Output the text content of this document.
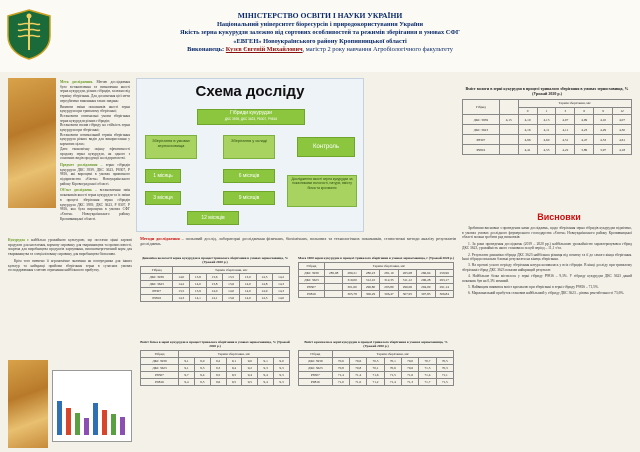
МІНІСТЕРСТВО ОСВІТИ І НАУКИ УКРАЇНИ
Національний університет біоресурсів і природокористування України
Якість зерна кукурудзи залежно від сортових особливостей та режимів зберігання в умовах СФГ
«ЕВГЕН» Новоукраїнського району Кропивницької області
Виконавець: Кузєв Євгеній Михайлович, магістр 2 року навчання Агробіологічного факультету
Мета дослідження. Метою дослідження було встановлення та визначення якості зерна кукурудзи, різних гібридів, залежно від терміну зберігання. Для досягнення цієї мети передбачено виконання таких завдань:
Виявити зміни показників якості зерна кукурудзи при тривалому зберіганні;
Встановити оптимальні умови зберігання зерна кукурудзи різних гібридів;
Встановити вплив гібриду на стійкість зерна кукурудзи при зберіганні;
Встановити оптимальний термін зберігання кукурудзи різних видів для використання у кормових цілях;
Дати економічну оцінку ефективності продажу зерна кукурудзи, як одного з основних видів продукції на підприємстві.
Предмет дослідження – зерно гібридів кукурудзи ДКС 3939, ДКС 3623, Р8307, Р 9816, які вирощені в умовах приватного підприємства «Євген» Новоукраїнського району Кіровоградської області.
Об'єкт досліджень – встановлення змін показників якості зерна кукурудзи та їх зміни в процесі зберігання зерна гібридів кукурудзи ДКС 3939, ДКС 3623, Р 8307, Р 9816, яка була вирощена в умовах СФГ «Євген» Новоукраїнського району Кропивницької області.
Кукурудза є найбільш урожайною культурою, що постачає цінні харчові продукти для населення, кормову сировину для тваринництва та промисловості, зокрема для виробництва продуктів харчування, високоенергетичний корм для тваринництва та спеціалізовану сировину для виробництва біопалива.
Крім того вивчено її агрономічне значення як попередника для інших культур та найкращі прийоми зберігання зерна в сучасних умовах господарювання з метою отримання найбільшого прибутку.
Схема досліду
Гібриди кукурудзи
ДКС 3939, ДКС 3623, Р8307, Р9816
Зберігання в умовах зерносховища
Зберігання у складі
Контроль
1 місяць
3 місяця
6 місяців
9 місяців
12 місяців
Дослідження якості зерна кукурудзи за показниками вологості, натури, вмісту білка та крохмалю
Методи дослідження – польовий дослід, лабораторні дослідження фізичних, біохімічних, польових та технологічних показників, статистичні методи аналізу результатів досліджень.
Динаміка вологості зерна кукурудзи в процесі тривалого зберігання в умовах зерносховища, % (Урожай 2020 р.)
Гібрид	Термін зберігання, міс						
ДКС 3939	14,0	13,8	13,6	13,5	13,0	14,5	14,2
ДКС 3623	14,2	14,0	13,8	13,6	14,0	14,8	14,3
Р8307	13,5	13,9	14,0	14,0	14,0	14,9	14,3
Р9816	14,3	14,1	14,1	13,6	14,0	14,5	14,0
Маса 1000 зерен кукурудзи в процесі тривалого зберігання в умовах зерносховища, г (Урожай 2020 р.)
Гібрид	Термін зберігання, міс						
ДКС 3939	285,08	280,21	280,23	281,10	265,08	266,64	259,96
ДКС 3623		310,00	312,10	312,35	311,12	296,28	293,17
Р8307		301,60	296,80	295,80	296,06	294,09	291,14
Р9816		305,78	306,29	306,47	307,95	307,83	306,84
Вміст білка в зерні кукурудзи в процесі тривалого зберігання в умовах зерносховища, % (Урожай 2020 р.)
Гібрид	Термін зберігання, міс						
ДКС 3939	9,1	9,0	9,2	9,1	9,0	9,1	9,0
ДКС 3623	9,1	9,3	9,3	9,4	9,2	9,3	9,3
Р8307	9,7	9,4	9,5	9,5	9,4	9,4	9,3
Р9816	9,4	9,5	9,6	9,5	9,5	9,4	9,3
Вміст крохмалю в зерні кукурудзи в процесі тривалого зберігання в умовах зерносховища, % (Урожай 2020 р.)
Гібрид	Термін зберігання, міс						
ДКС 3939	70,6	70,6	70,5	70,1	70,0	70,7	70,5
ДКС 3623	70,8	70,8	70,1	70,6	70,6	71,5	70,3
Р8307	71,4	71,4	71,6	71,5	71,6	71,4	71,1
Р9816	71,0	71,0	71,2	71,4	71,3	71,7	71,5
Вміст вологи в зерні кукурудзи в процесі тривалого зберігання в умовах зерносховища, % (Урожай 2020 р.)
Гібрид		Термін зберігання, міс					
		0	1	3	6	9	12
ДКС 3939	4,15	4,10	4,13	4,07	4,09	4,10	4,07
ДКС 3623		4,16	4,11	4,11	4,23	4,29	4,30
Р8307		4,96	4,60	4,51	4,47	4,53	4,61
Р9816		4,41	4,55	4,22	3,89	3,97	4,18
Висновки

Зробивши висновки з проведених нами досліджень, щодо зберігання зерна гібридів кукурудзи відмічено, в умовах умовах дослідного фермерського господарства «Євген» Новоукраїнського району Кропивницької області можна зробити ряд висновків:

1. За роки проведення досліджень (2019 – 2020 рр.) найбільшою урожайністю характеризувався гібрид ДКС 3623, урожайність якого становила за цей період – 11,1 т/га.

2. Результати динаміки гібрида ДКС 3623 найбільша різниця від початку та її до самого кінця зберігання. Інші гібриди показали близькі результати на кінець зберігання.

3. На протязі усього періоду зберігання натура коливалась у всіх гібридів. В кінці досліду при тривалому зберіганні гібрид ДКС 3623 показав найкращий результат.

4. Найбільше білка містилось у зерні гібриду Р9816 – 9,3%. У гібриду кукурудзи ДКС 3623 даний показник був на 0,3% менший.

5. Найвищим виявився вміст крохмалю при зберіганні в зерні гібриду Р9816 – 71,5%.

6. Маржинальний прибуток становив найбільший у гібриду ДКС 3623 – рівень рентабельності 73,6%.
